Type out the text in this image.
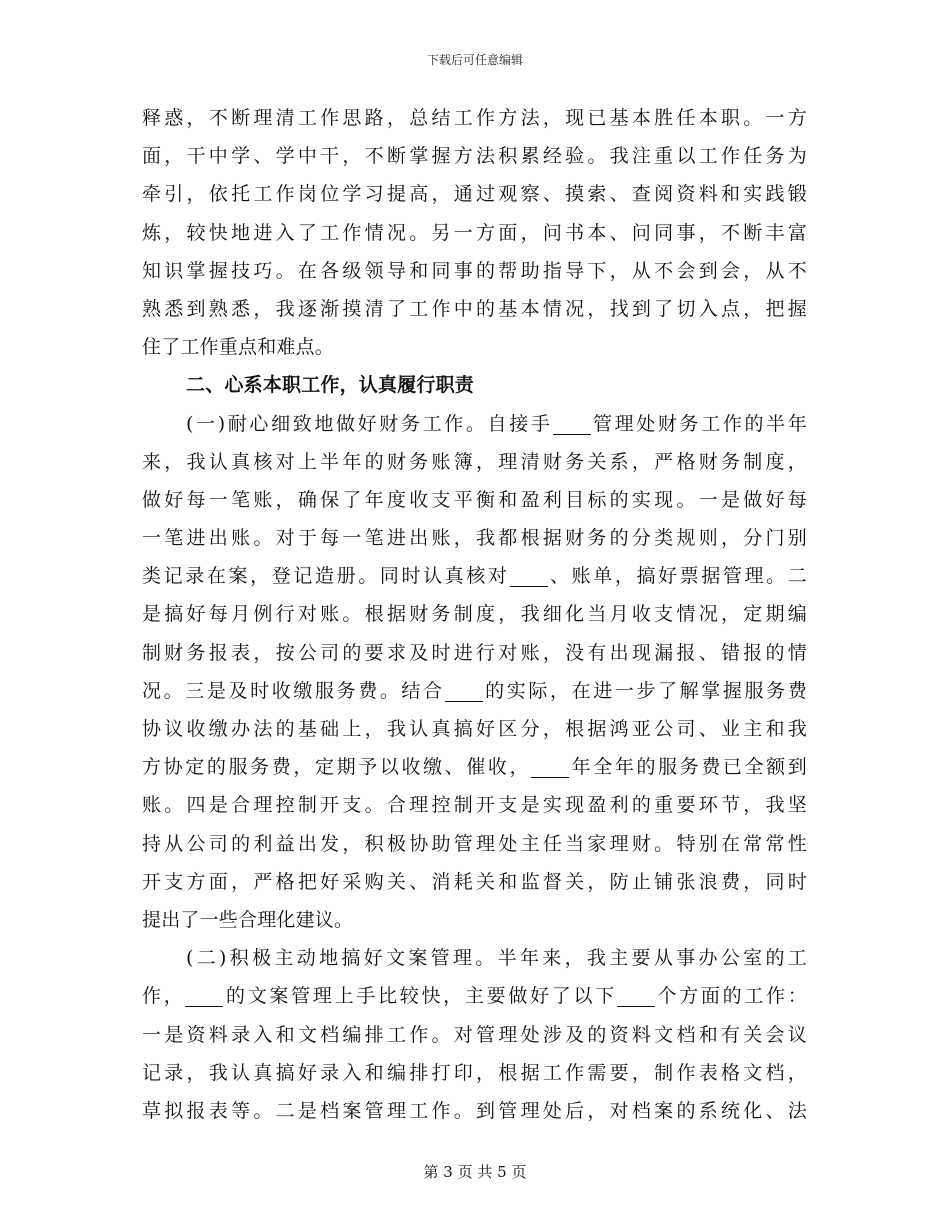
下载后可任意编辑
释惑，不断理清工作思路，总结工作方法，现已基本胜任本职。一方
面，干中学、学中干，不断掌握方法积累经验。我注重以工作任务为
牵引，依托工作岗位学习提高，通过观察、摸索、查阅资料和实践锻
炼，较快地进入了工作情况。另一方面，问书本、问同事，不断丰富
知识掌握技巧。在各级领导和同事的帮助指导下，从不会到会，从不
熟悉到熟悉，我逐渐摸清了工作中的基本情况，找到了切入点，把握
住了工作重点和难点。
二、心系本职工作，认真履行职责
(一)耐心细致地做好财务工作。自接手 管理处财务工作的半年
来，我认真核对上半年的财务账簿，理清财务关系，严格财务制度，
做好每一笔账，确保了年度收支平衡和盈利目标的实现。一是做好每
一笔进出账。对于每一笔进出账，我都根据财务的分类规则，分门别
类记录在案，登记造册。同时认真核对 、账单，搞好票据管理。二
是搞好每月例行对账。根据财务制度，我细化当月收支情况，定期编
制财务报表，按公司的要求及时进行对账，没有出现漏报、错报的情
况。三是及时收缴服务费。结合 的实际，在进一步了解掌握服务费
协议收缴办法的基础上，我认真搞好区分，根据鸿亚公司、业主和我
方协定的服务费，定期予以收缴、催收， 年全年的服务费已全额到
账。四是合理控制开支。合理控制开支是实现盈利的重要环节，我坚
持从公司的利益出发，积极协助管理处主任当家理财。特别在常常性
开支方面，严格把好采购关、消耗关和监督关，防止铺张浪费，同时
提出了一些合理化建议。
(二)积极主动地搞好文案管理。半年来，我主要从事办公室的工
作， 的文案管理上手比较快，主要做好了以下 个方面的工作：
一是资料录入和文档编排工作。对管理处涉及的资料文档和有关会议
记录，我认真搞好录入和编排打印，根据工作需要，制作表格文档，
草拟报表等。二是档案管理工作。到管理处后，对档案的系统化、法
第 3 页 共 5 页
